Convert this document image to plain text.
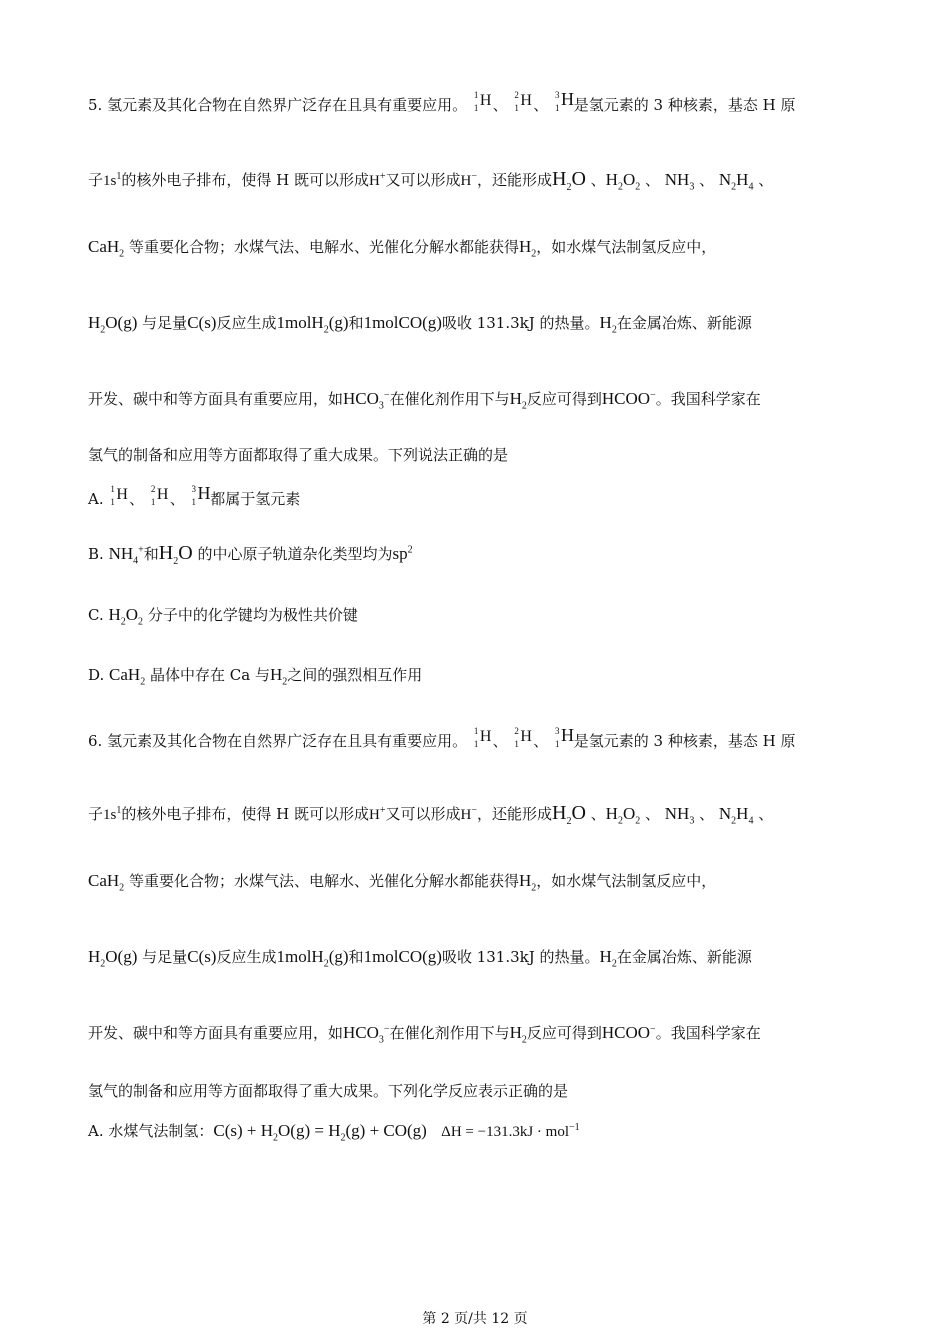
5. 氢元素及其化合物在自然界广泛存在且具有重要应用。
1
1 H
、
2
1 H
、
3
1 H 是氢元素的 3 种核素，基态 H 原
子$1s^1$的核外电子排布，使得 H 既可以形成H+又可以形成H−，还能形成$H_2O$ 、$H_2O_2$ 、 $NH_3$ 、 $N_2H_4$ 、
CaH$_2$ 等重要化合物；水煤气法、电解水、光催化分解水都能获得$H_2$，如水煤气法制氢反应中，
$H_2O(g)$ 与足量C(s)反应生成1molH$_2$(g)和1molCO(g)吸收 131.3kJ 的热量。$H_2$在金属冶炼、新能源
开发、碳中和等方面具有重要应用，如$HCO_3^-$在催化剂作用下与$H_2$反应可得到HCOO−。我国科学家在
氢气的制备和应用等方面都取得了重大成果。下列说法正确的是
A.
1
1 H
、
2
1 H
、
3
1 H 都属于氢元素
B. $NH_4^+$和$H_2O$ 的中心原子轨道杂化类型均为$sp^2$
C. $H_2O_2$ 分子中的化学键均为极性共价键
D. CaH$_2$ 晶体中存在 Ca 与$H_2$之间的强烈相互作用
6. 氢元素及其化合物在自然界广泛存在且具有重要应用。
1
1 H
、
2
1 H
、
3
1 H 是氢元素的 3 种核素，基态 H 原
子$1s^1$的核外电子排布，使得 H 既可以形成H+又可以形成H−，还能形成$H_2O$ 、$H_2O_2$ 、 $NH_3$ 、 $N_2H_4$ 、
CaH$_2$ 等重要化合物；水煤气法、电解水、光催化分解水都能获得$H_2$，如水煤气法制氢反应中，
$H_2O(g)$ 与足量C(s)反应生成1molH$_2$(g)和1molCO(g)吸收 131.3kJ 的热量。$H_2$在金属冶炼、新能源
开发、碳中和等方面具有重要应用，如$HCO_3^-$在催化剂作用下与$H_2$反应可得到HCOO−。我国科学家在
氢气的制备和应用等方面都取得了重大成果。下列化学反应表示正确的是
A. 水煤气法制氢：$C(s) + H_2O(g) = H_2(g) + CO(g) \Delta H = -131.3kJ \cdot mol^{-1}$
第 2 页/共 12 页
